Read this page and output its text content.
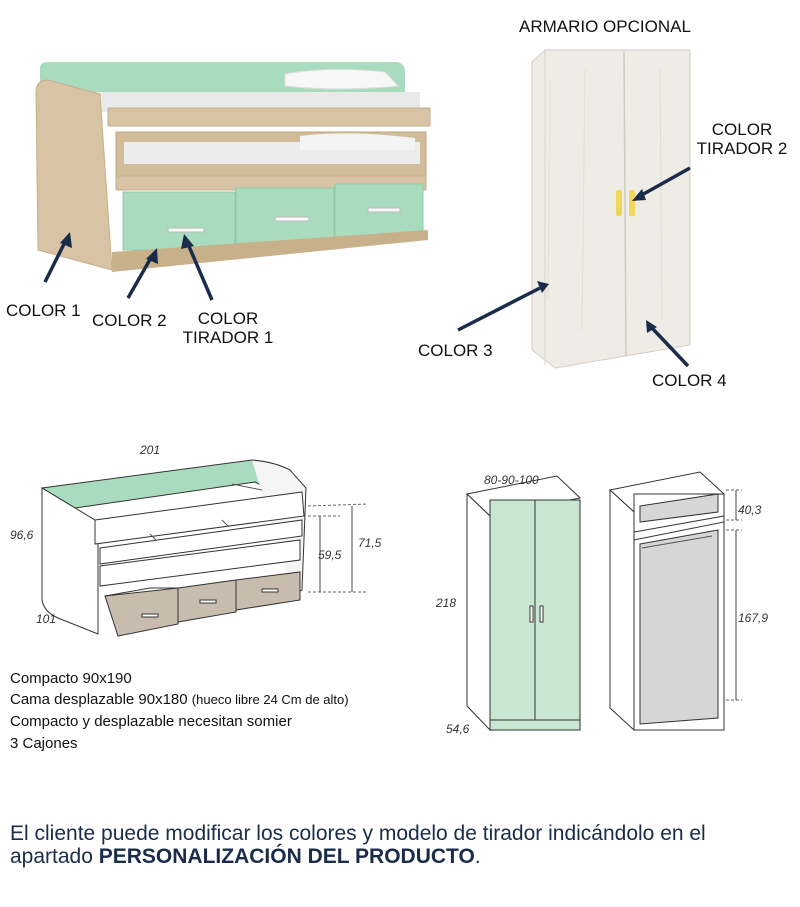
ARMARIO OPCIONAL
COLOR 1
COLOR 2	COLOR
TIRADOR 1
COLOR
TIRADOR 2
COLOR 3
COLOR 4
201
96,6
101
59,5
71,5
80-90-100
218
54,6
40,3
167,9
Compacto 90x190
Cama desplazable 90x180 (hueco libre 24 Cm de alto)
Compacto y desplazable necesitan somier
3 Cajones
El cliente puede modificar los colores y modelo de tirador indicándolo en el apartado PERSONALIZACIÓN DEL PRODUCTO.
